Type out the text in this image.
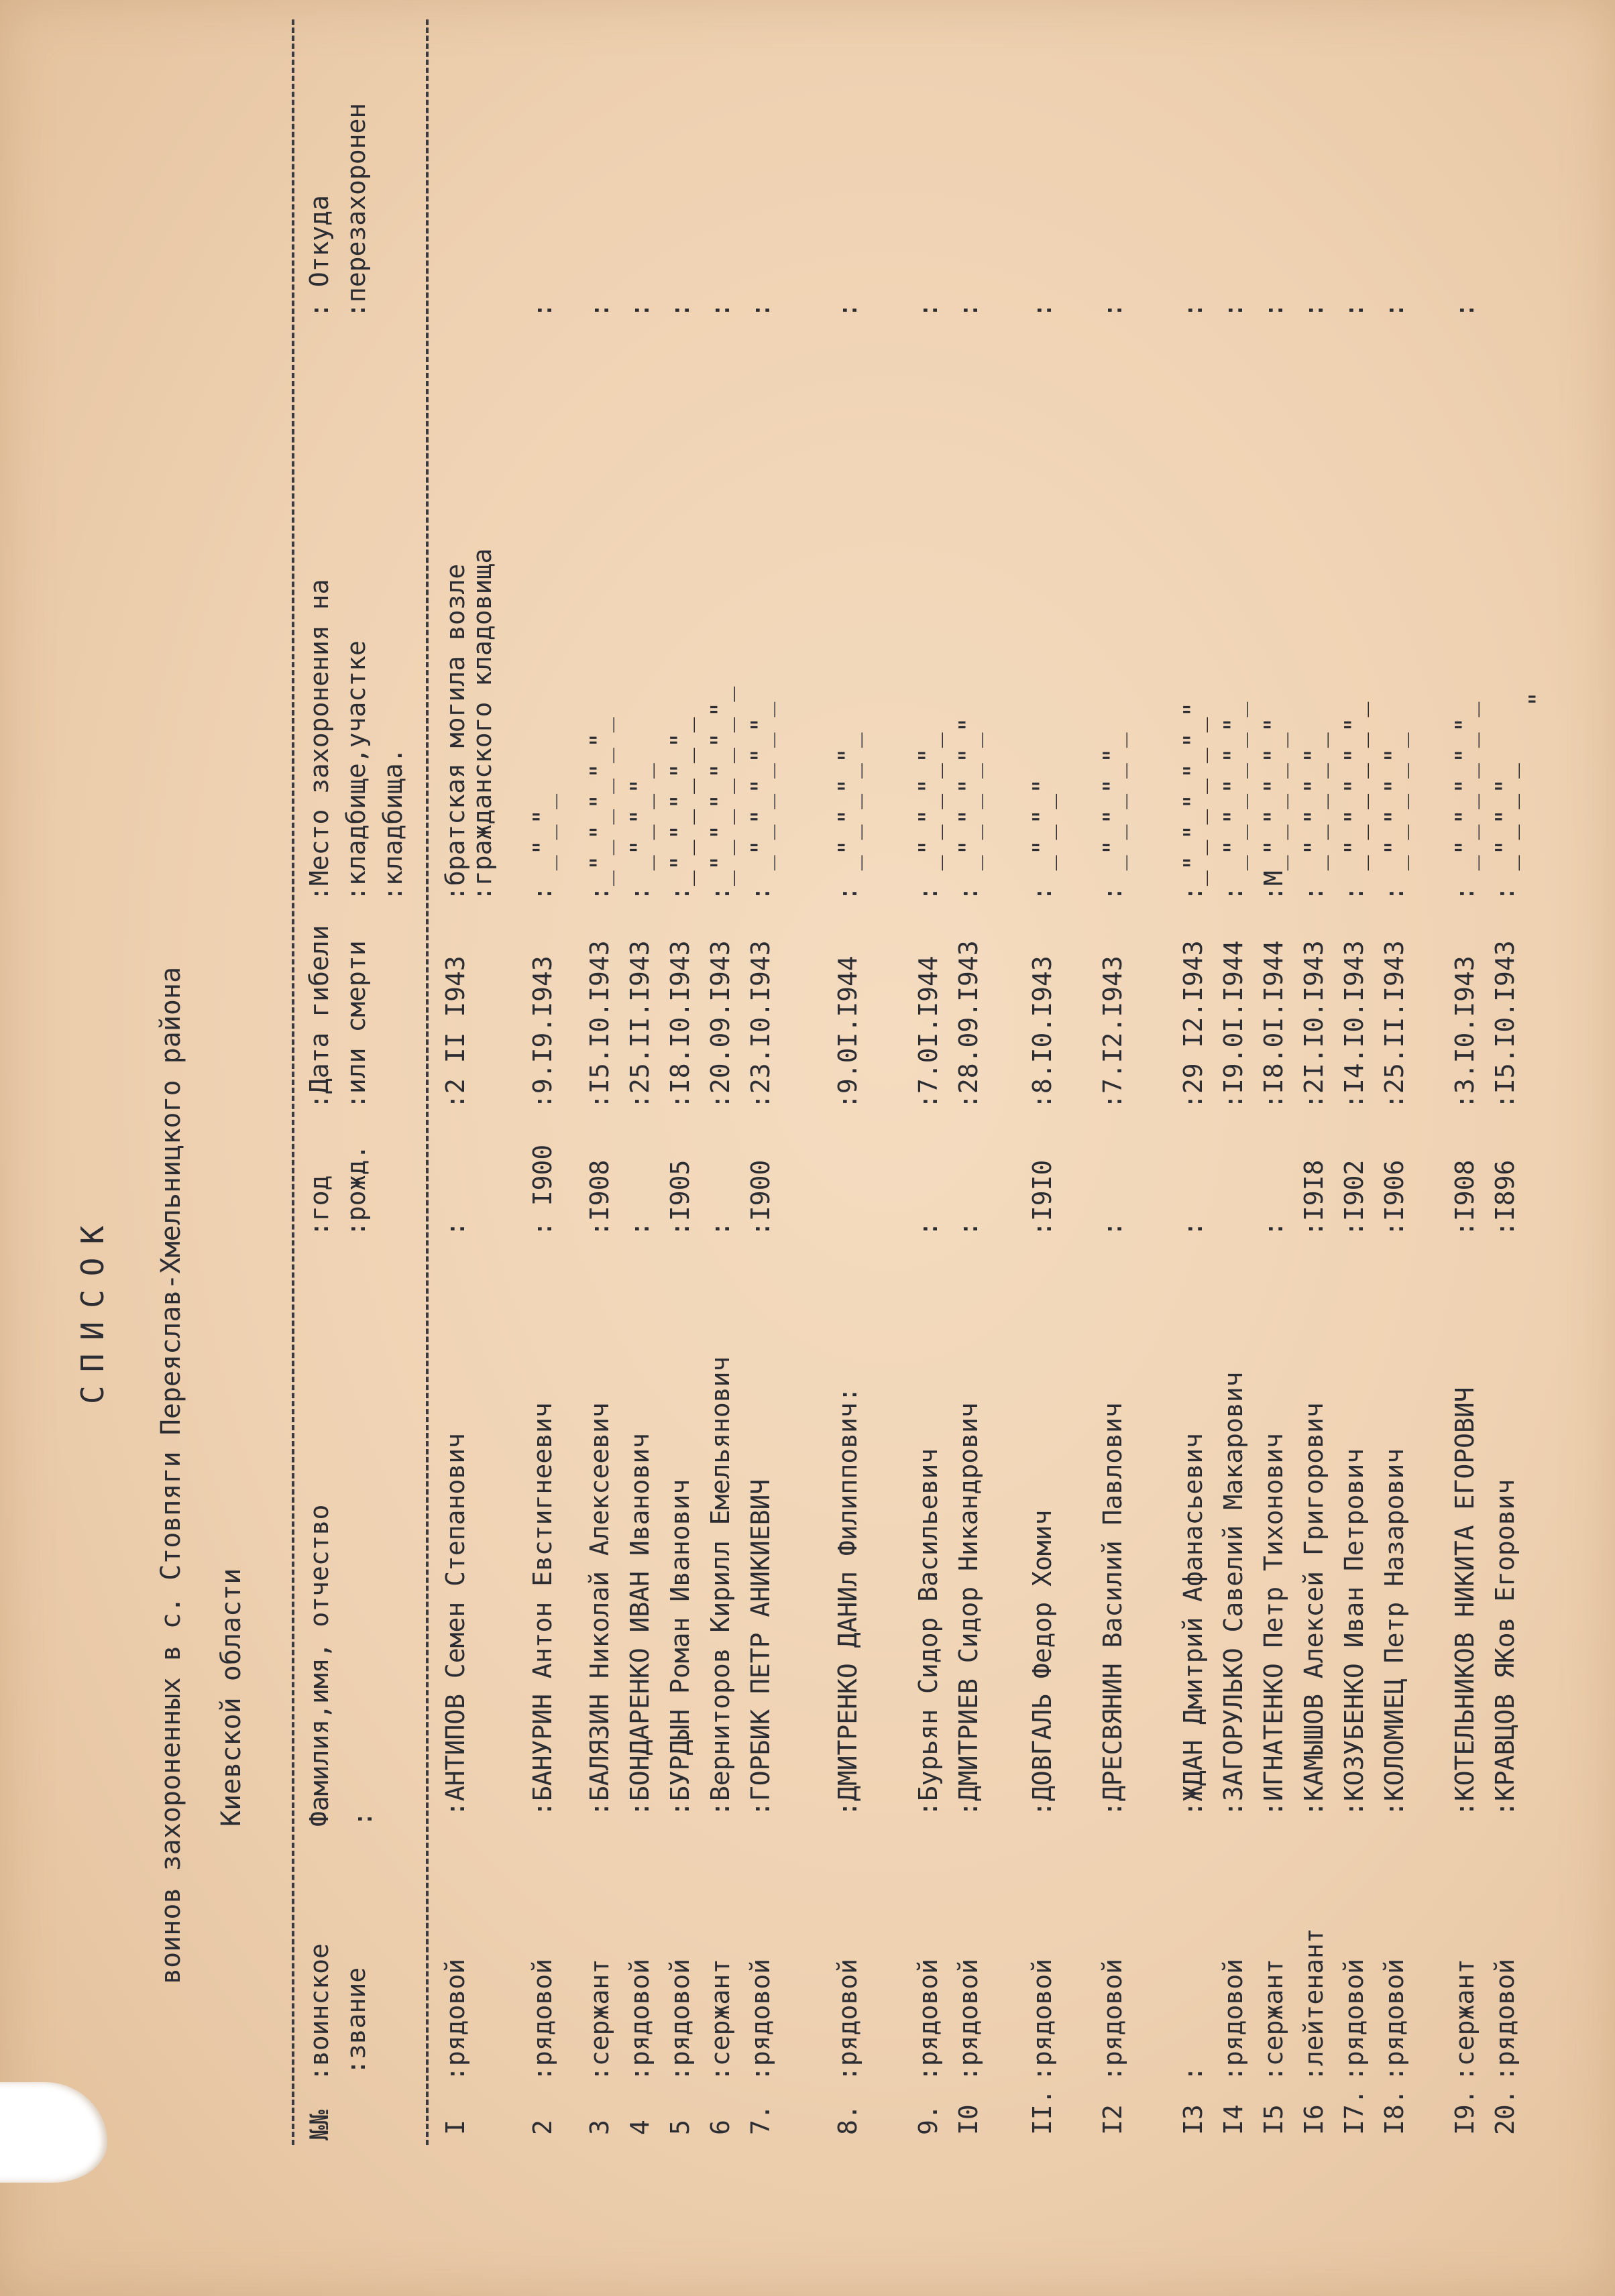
СПИСОК воинов захороненных в с. Стовпяги Переяслав-Хмельницкого района Киевской области
№№
:воинское :звание
Фамилия,имя, отчество :
:год :рожд.
:Дата гибели :или смерти
:Место захоронения на :кладбище,участке :кладбища.
: Откуда :перезахоронен
I
:рядовой
:АНТИПОВ Семен Степанович
:
:2 II I943
:братская могила возле
:гражданского кладовища
2
:рядовой
:БАНУРИН Антон Евстигнеевич
: I900
:9.I9.I943
: _"_"_
:
3
:сержант
:БАЛЯЗИН Николай Алексеевич
:I908
:I5.I0.I943
:_"_"_"_"_"_
:
4
:рядовой
:БОНДАРЕНКО ИВАН Иванович
:
:25.II.I943
: _"_"_"_
:
5
:рядовой
:БУРДЫН Роман Иванович
:I905
:I8.I0.I943
:_"_"_"_"_"_
:
6
:сержант
:Верниторов Кирилл Емельянович
:
:20.09.I943
:_"_"_"_"_"_"_
:
7.
:рядовой
:ГОРБИК ПЕТР АНИКИЕВИЧ
:I900
:23.I0.I943
: _"_"_"_"_"_
:
8.
:рядовой
:ДМИТРЕНКО ДАНИл Филиппович:
:9.0I.I944
: _"_"_"_"_
:
9.
:рядовой
:Бурьян Сидор Васильевич
:
:7.0I.I944
: _"_"_"_"_
:
I0
:рядовой
:ДМИТРИЕВ Сидор Никандрович
:
:28.09.I943
: _"_"_"_"_"
:
II.
:рядовой
:ДОВГАЛЬ Федор Хомич
:I9I0
:8.I0.I943
: _"_"_"
:
I2
:рядовой
:ДРЕСВЯНИН Василий Павлович
:
:7.I2.I943
: _"_"_"_"_
:
I3
:
:ЖДАН Дмитрий Афанасьевич
:
:29 I2.I943
:_"_"_"_"_"_"
:
I4
:рядовой
:ЗАГОРУЛЬКО Савелий Макарович
:I9.0I.I944
: _"_"_"_"_"_
:
I5
:сержант
:ИГНАТЕНКО Петр Тихонович
:
:I8.0I.I944
:М_"_"_"_"_"
:
I6
:лейтенант
:КАМЫШОВ Алексей Григорович
:I9I8
:2I.I0.I943
: _"_"_"_"_
:
I7.
:рядовой
:КОЗУБЕНКО Иван Петрович
:I902
:I4.I0.I943
: _"_"_"_"_"_
:
I8.
:рядовой
:КОЛОМИЕЦ Петр Назарович
:I906
:25.II.I943
: _"_"_"_"_
:
I9.
:сержант
:КОТЕЛЬНИКОВ НИКИТА ЕГОРОВИЧ
:I908
:3.I0.I943
: _"_"_"_"_"_
:
20.
:рядовой
:КРАВЦОВ ЯКов Егорович
:I896
:I5.I0.I943
: _"_"_"_
"
